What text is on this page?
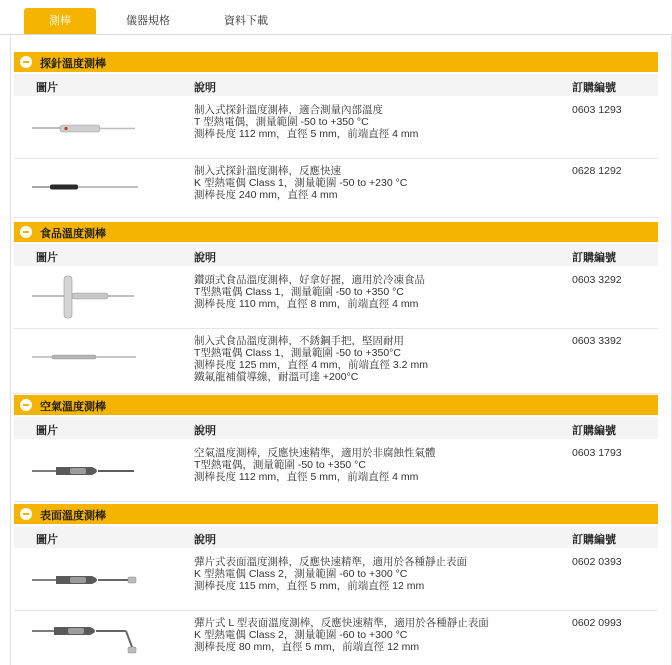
測棒	儀器規格	資料下載
探針溫度測棒
圖片	說明	訂購編號
制入式探針溫度測棒，適合測量內部溫度
T 型熱電偶，測量範圍 -50 to +350 °C
測棒長度 112 mm，直徑 5 mm，前端直徑 4 mm
0603 1293
制入式探針溫度測棒，反應快速
K 型熱電偶 Class 1，測量範圍 -50 to +230 °C
測棒長度 240 mm，直徑 4 mm
0628 1292
食品溫度測棒
圖片	說明	訂購編號
鑽頭式食品溫度測棒，好拿好握，適用於冷凍食品
T型熱電偶 Class 1，測量範圍 -50 to +350 °C
測棒長度 110 mm，直徑 8 mm，前端直徑 4 mm
0603 3292
制入式食品溫度測棒，不銹鋼手把，堅固耐用
T型熱電偶 Class 1，測量範圍 -50 to +350°C
測棒長度 125 mm，直徑 4 mm，前端直徑 3.2 mm
鐵氟龍補償導線，耐溫可達 +200°C
0603 3392
空氣溫度測棒
圖片	說明	訂購編號
空氣溫度測棒，反應快速精準，適用於非腐蝕性氣體
T型熱電偶，測量範圍 -50 to +350 °C
測棒長度 112 mm，直徑 5 mm，前端直徑 4 mm
0603 1793
表面溫度測棒
圖片	說明	訂購編號
彈片式表面溫度測棒，反應快速精準，適用於各種靜止表面
K 型熱電偶 Class 2，測量範圍 -60 to +300 °C
測棒長度 115 mm，直徑 5 mm，前端直徑 12 mm
0602 0393
彈片式 L 型表面溫度測棒，反應快速精準，適用於各種靜止表面
K 型熱電偶 Class 2，測量範圍 -60 to +300 °C
測棒長度 80 mm，直徑 5 mm，前端直徑 12 mm
0602 0993
